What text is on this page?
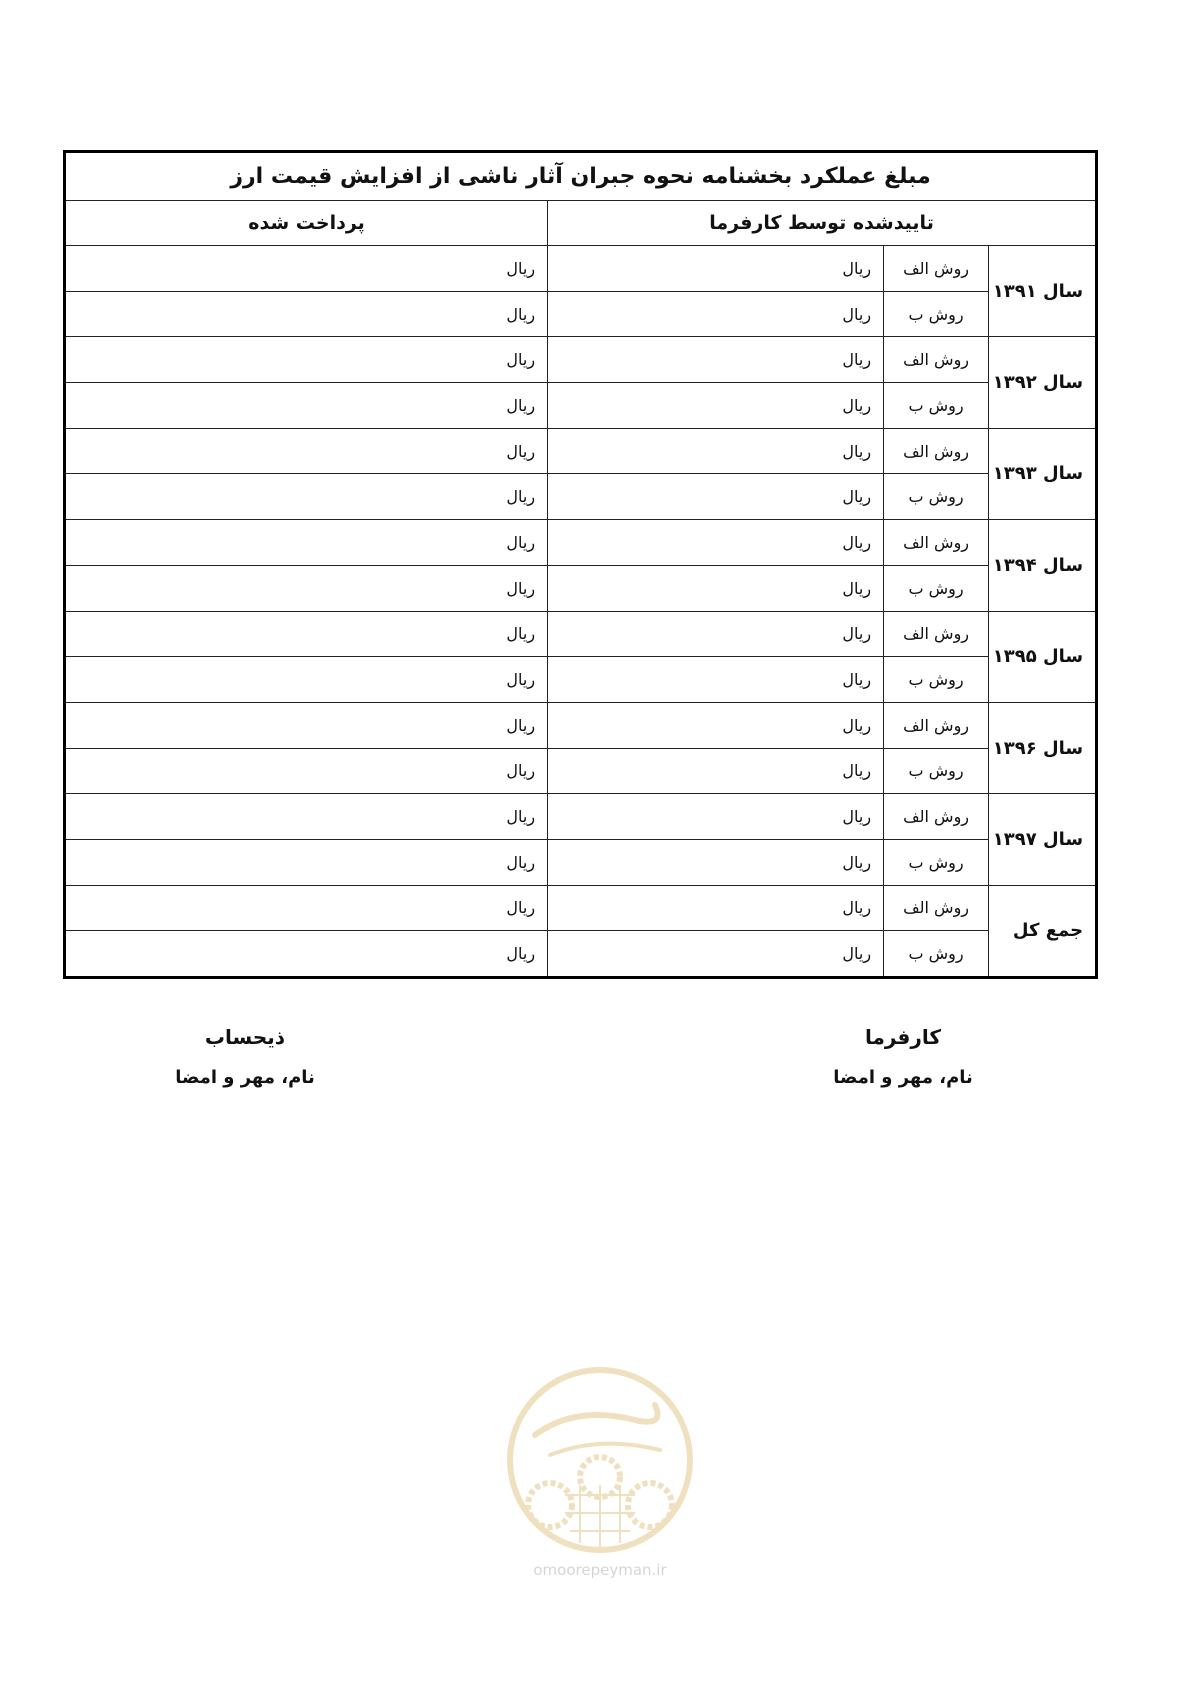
مبلغ عملکرد بخشنامه نحوه جبران آثار ناشی از افزایش قیمت ارز			
تاییدشده توسط کارفرما			پرداخت شده
سال ۱۳۹۱	روش الف	ریال	ریال
	روش ب	ریال	ریال
سال ۱۳۹۲	روش الف	ریال	ریال
	روش ب	ریال	ریال
سال ۱۳۹۳	روش الف	ریال	ریال
	روش ب	ریال	ریال
سال ۱۳۹۴	روش الف	ریال	ریال
	روش ب	ریال	ریال
سال ۱۳۹۵	روش الف	ریال	ریال
	روش ب	ریال	ریال
سال ۱۳۹۶	روش الف	ریال	ریال
	روش ب	ریال	ریال
سال ۱۳۹۷	روش الف	ریال	ریال
	روش ب	ریال	ریال
جمع کل	روش الف	ریال	ریال
	روش ب	ریال	ریال
کارفرما
نام، مهر و امضا
ذیحساب
نام، مهر و امضا
omoorepeyman.ir
